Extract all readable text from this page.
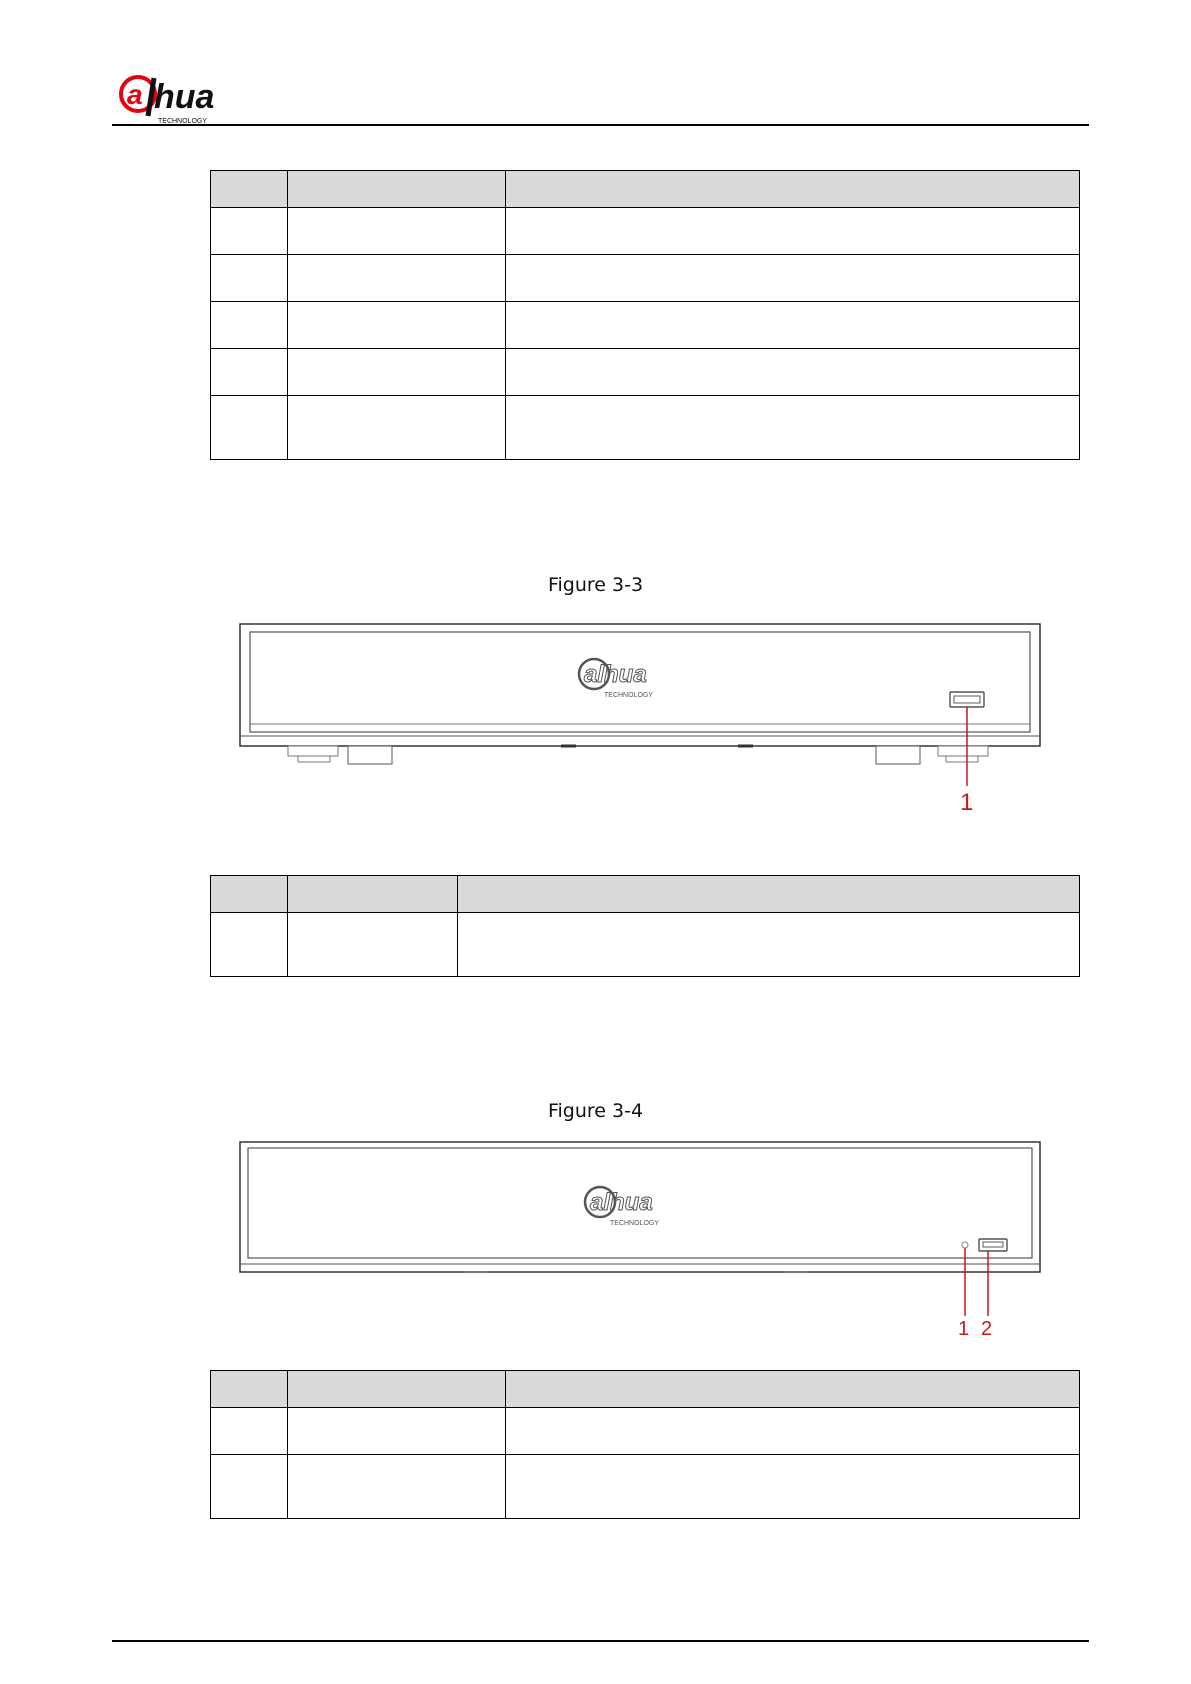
a hua
TECHNOLOGY

Figure 3-3
alhua
TECHNOLOGY
1

Figure 3-4
alhua
TECHNOLOGY
1 2
